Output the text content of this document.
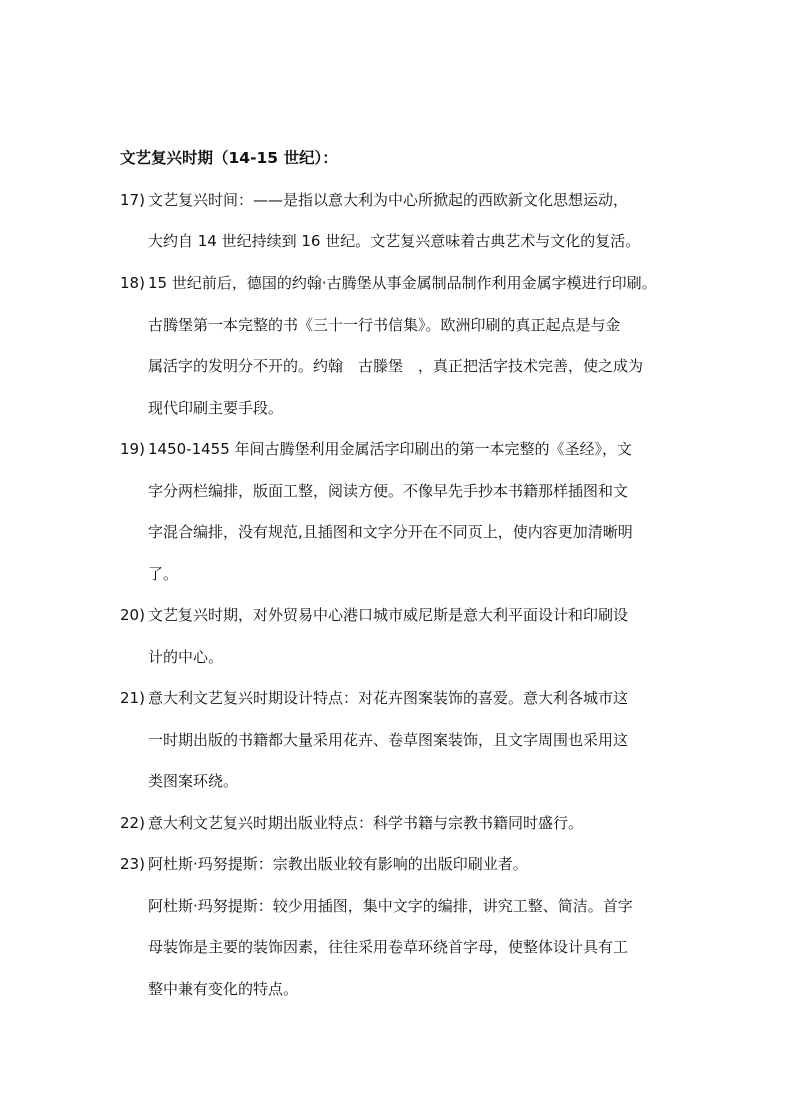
文艺复兴时期（14-15 世纪）：
17) 文艺复兴时间：——是指以意大利为中心所掀起的西欧新文化思想运动，
大约自 14 世纪持续到 16 世纪。文艺复兴意味着古典艺术与文化的复活。
18) 15 世纪前后，德国的约翰·古腾堡从事金属制品制作利用金属字模进行印刷。
古腾堡第一本完整的书《三十一行书信集》。欧洲印刷的真正起点是与金
属活字的发明分不开的。约翰　古滕堡　，真正把活字技术完善，使之成为
现代印刷主要手段。
19) 1450-1455 年间古腾堡利用金属活字印刷出的第一本完整的《圣经》，文
字分两栏编排，版面工整，阅读方便。不像早先手抄本书籍那样插图和文
字混合编排，没有规范,且插图和文字分开在不同页上，使内容更加清晰明
了。
20) 文艺复兴时期，对外贸易中心港口城市威尼斯是意大利平面设计和印刷设
计的中心。
21) 意大利文艺复兴时期设计特点：对花卉图案装饰的喜爱。意大利各城市这
一时期出版的书籍都大量采用花卉、卷草图案装饰，且文字周围也采用这
类图案环绕。
22) 意大利文艺复兴时期出版业特点：科学书籍与宗教书籍同时盛行。
23) 阿杜斯·玛努提斯：宗教出版业较有影响的出版印刷业者。
阿杜斯·玛努提斯：较少用插图，集中文字的编排，讲究工整、简洁。首字
母装饰是主要的装饰因素，往往采用卷草环绕首字母，使整体设计具有工
整中兼有变化的特点。
